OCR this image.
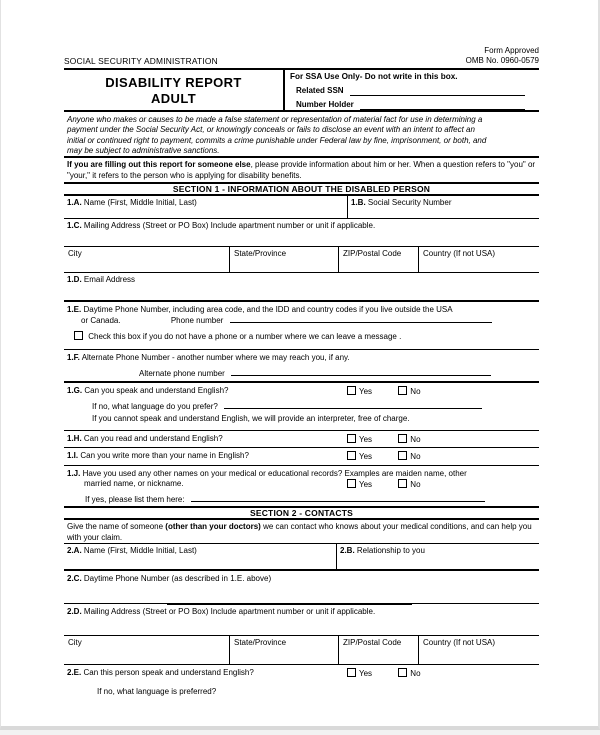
SOCIAL SECURITY ADMINISTRATION
Form Approved
OMB No. 0960-0579
DISABILITY REPORT
ADULT
For SSA Use Only- Do not write in this box.
Related SSN
Number Holder
Anyone who makes or causes to be made a false statement or representation of material fact for use in determining a
payment under the Social Security Act, or knowingly conceals or fails to disclose an event with an intent to affect an
initial or continued right to payment, commits a crime punishable under Federal law by fine, imprisonment, or both, and
may be subject to administrative sanctions.
If you are filling out this report for someone else, please provide information about him or her. When a question refers to "you" or "your," it refers to the person who is applying for disability benefits.
SECTION 1 - INFORMATION ABOUT THE DISABLED PERSON
1.A. Name (First, Middle Initial, Last)	1.B. Social Security Number
1.C. Mailing Address (Street or PO Box) Include apartment number or unit if applicable.
City	State/Province	ZIP/Postal Code	Country (If not USA)
1.D. Email Address
1.E. Daytime Phone Number, including area code, and the IDD and country codes if you live outside the USA
or Canada.	Phone number
Check this box if you do not have a phone or a number where we can leave a message .
1.F. Alternate Phone Number - another number where we may reach you, if any.
Alternate phone number
1.G. Can you speak and understand English?	Yes	No
If no, what language do you prefer?
If you cannot speak and understand English, we will provide an interpreter, free of charge.
1.H. Can you read and understand English?	Yes	No
1.I. Can you write more than your name in English?	Yes	No
1.J. Have you used any other names on your medical or educational records? Examples are maiden name, other
married name, or nickname.	Yes	No
If yes, please list them here:
SECTION 2 - CONTACTS
Give the name of someone (other than your doctors) we can contact who knows about your medical conditions, and can help you with your claim.
2.A. Name (First, Middle Initial, Last)	2.B. Relationship to you
2.C. Daytime Phone Number (as described in 1.E. above)
2.D. Mailing Address (Street or PO Box) Include apartment number or unit if applicable.
City	State/Province	ZIP/Postal Code	Country (If not USA)
2.E. Can this person speak and understand English?	Yes	No
If no, what language is preferred?
